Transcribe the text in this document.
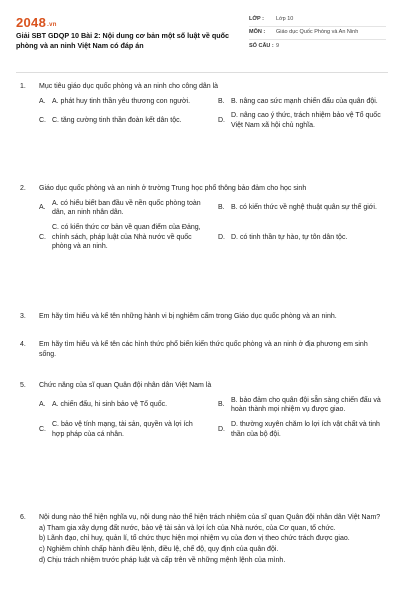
2048.vn
Giải SBT GDQP 10 Bài 2: Nội dung cơ bản một số luật về quốc phòng và an ninh Việt Nam có đáp án
LỚP :	Lớp 10
MÔN :	Giáo dục Quốc Phòng và An Ninh
SỐ CÂU : 9
1. Mục tiêu giáo dục quốc phòng và an ninh cho công dân là
A. A. phát huy tinh thần yêu thương con người.	B. B. nâng cao sức mạnh chiến đấu của quân đội.
C. C. tăng cường tinh thần đoàn kết dân tộc.	D.
D. nâng cao ý thức, trách nhiệm bảo vệ Tổ quốc Việt Nam xã hội chủ nghĩa.
2. Giáo dục quốc phòng và an ninh ở trường Trung học phổ thông bảo đảm cho học sinh
A.
A. có hiểu biết ban đầu về nền quốc phòng toàn dân, an ninh nhân dân.
B. B. có kiến thức về nghệ thuật quân sự thế giới.
C.
C. có kiến thức cơ bản về quan điểm của Đảng, chính sách, pháp luật của Nhà nước về quốc phòng và an ninh.
D. D. có tinh thần tự hào, tự tôn dân tộc.
3. Em hãy tìm hiểu và kể tên những hành vi bị nghiêm cấm trong Giáo dục quốc phòng và an ninh.
4. Em hãy tìm hiểu và kể tên các hình thức phổ biến kiến thức quốc phòng và an ninh ở địa phương em sinh sống.
5. Chức năng của sĩ quan Quân đội nhân dân Việt Nam là
A. A. chiến đấu, hi sinh bảo vệ Tổ quốc.	B.
B. bảo đảm cho quân đội sẵn sàng chiến đấu và hoàn thành mọi nhiệm vụ được giao.
C.
C. bảo vệ tính mạng, tài sản, quyền và lợi ích hợp pháp của cá nhân.
D.
D. thường xuyên chăm lo lợi ích vật chất và tinh thần của bộ đội.
6. Nội dung nào thể hiện nghĩa vụ, nội dung nào thể hiện trách nhiệm của sĩ quan Quân đội nhân dân Việt Nam?
a) Tham gia xây dựng đất nước, bảo vệ tài sản và lợi ích của Nhà nước, của Cơ quan, tổ chức.
b) Lãnh đạo, chỉ huy, quản lí, tổ chức thực hiện mọi nhiệm vụ của đơn vị theo chức trách được giao.
c) Nghiêm chỉnh chấp hành điều lệnh, điều lệ, chế độ, quy định của quân đội.
d) Chịu trách nhiệm trước pháp luật và cấp trên về những mệnh lệnh của mình.
